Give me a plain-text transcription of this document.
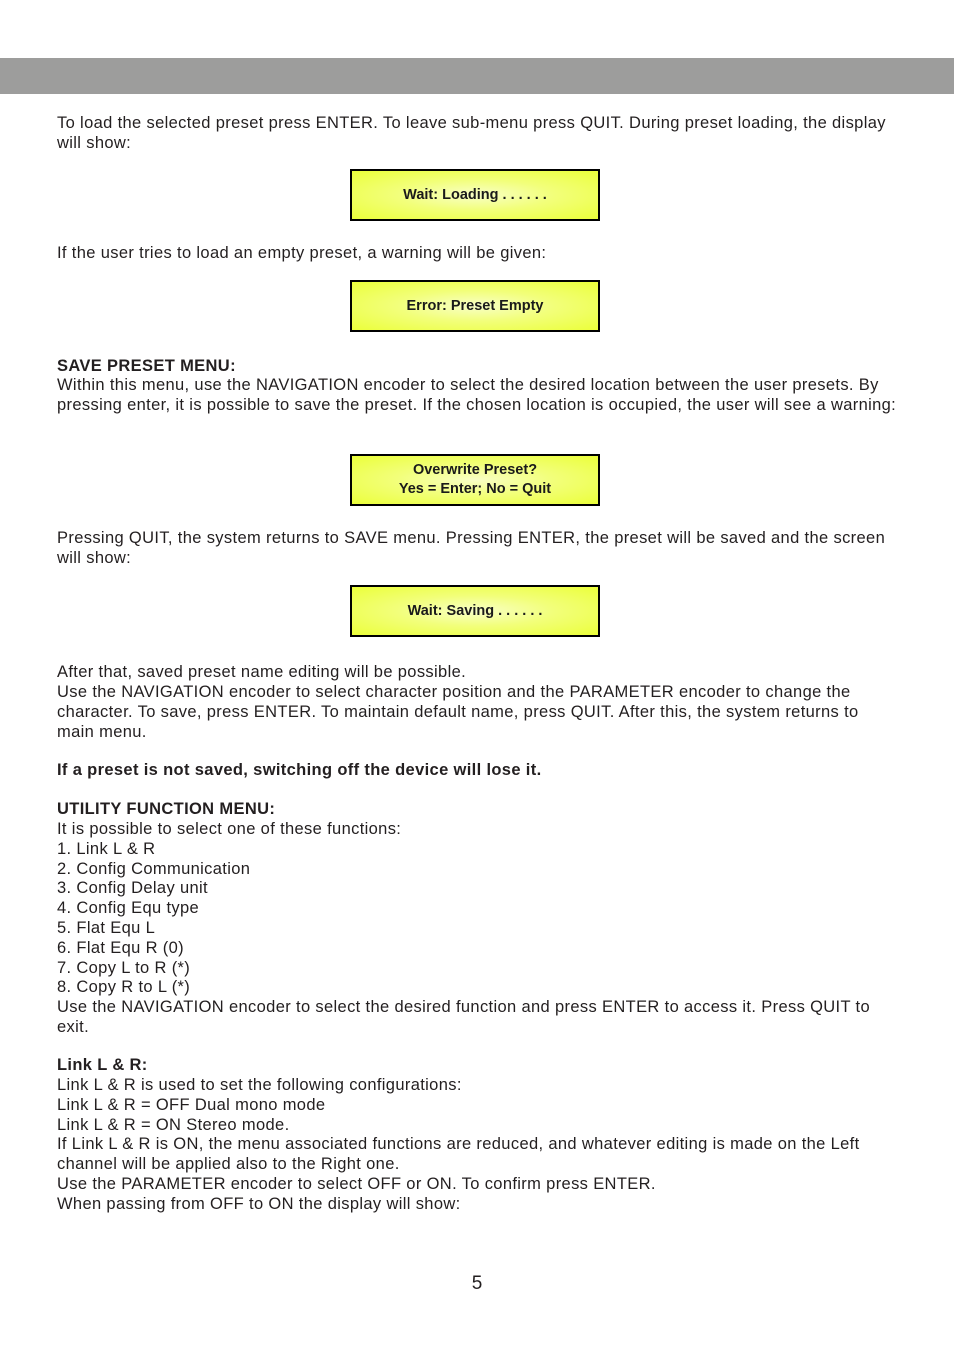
To load the selected preset press ENTER. To leave sub-menu press QUIT. During preset loading, the display will show:

Wait: Loading . . . . . .

If the user tries to load an empty preset, a warning will be given:

Error: Preset Empty

SAVE PRESET MENU:

Within this menu, use the NAVIGATION encoder to select the desired location between the user presets. By pressing enter, it is possible to save the preset. If the chosen location is occupied, the user will see a warning:

Overwrite Preset?
Yes = Enter; No = Quit

Pressing QUIT, the system returns to SAVE menu. Pressing ENTER, the preset will be saved and the screen will show:

Wait: Saving . . . . . .

After that, saved preset name editing will be possible.

Use the NAVIGATION encoder to select character position and the PARAMETER encoder to change the character. To save, press ENTER. To maintain default name, press QUIT. After this, the system returns to main menu.

If a preset is not saved, switching off the device will lose it.

UTILITY FUNCTION MENU:

It is possible to select one of these functions:
1. Link L & R
2. Config Communication
3. Config Delay unit
4. Config Equ type
5. Flat Equ L
6. Flat Equ R (0)
7. Copy L to R (*)
8. Copy R to L (*)
Use the NAVIGATION encoder to select the desired function and press ENTER to access it. Press QUIT to exit.

Link L & R:

Link L & R is used to set the following configurations:
Link L & R = OFF Dual mono mode
Link L & R = ON Stereo mode.
If Link L & R is ON, the menu associated functions are reduced, and whatever editing is made on the Left channel will be applied also to the Right one.
Use the PARAMETER encoder to select OFF or ON. To confirm press ENTER.
When passing from OFF to ON the display will show:
5
